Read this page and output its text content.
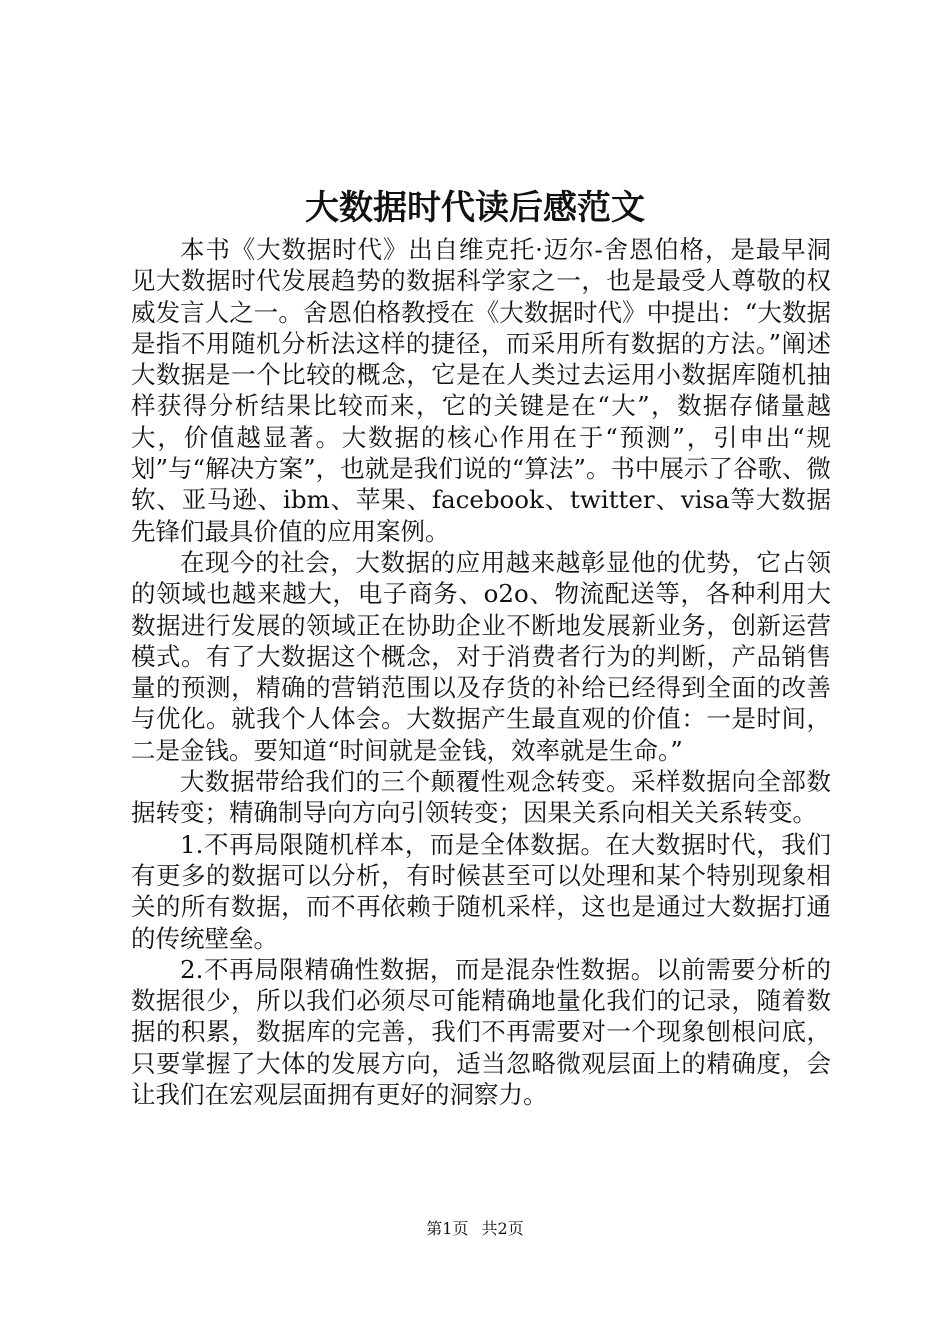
大数据时代读后感范文

本书《大数据时代》出自维克托·迈尔-舍恩伯格，是最早洞见大数据时代发展趋势的数据科学家之一，也是最受人尊敬的权威发言人之一。舍恩伯格教授在《大数据时代》中提出：“大数据是指不用随机分析法这样的捷径，而采用所有数据的方法。”阐述大数据是一个比较的概念，它是在人类过去运用小数据库随机抽样获得分析结果比较而来，它的关键是在“大”，数据存储量越大，价值越显著。大数据的核心作用在于“预测”，引申出“规划”与“解决方案”，也就是我们说的“算法”。书中展示了谷歌、微软、亚马逊、ibm、苹果、facebook、twitter、visa等大数据先锋们最具价值的应用案例。

在现今的社会，大数据的应用越来越彰显他的优势，它占领的领域也越来越大，电子商务、o2o、物流配送等，各种利用大数据进行发展的领域正在协助企业不断地发展新业务，创新运营模式。有了大数据这个概念，对于消费者行为的判断，产品销售量的预测，精确的营销范围以及存货的补给已经得到全面的改善与优化。就我个人体会。大数据产生最直观的价值：一是时间，二是金钱。要知道“时间就是金钱，效率就是生命。”

大数据带给我们的三个颠覆性观念转变。采样数据向全部数据转变；精确制导向方向引领转变；因果关系向相关关系转变。

1.不再局限随机样本，而是全体数据。在大数据时代，我们有更多的数据可以分析，有时候甚至可以处理和某个特别现象相关的所有数据，而不再依赖于随机采样，这也是通过大数据打通的传统壁垒。

2.不再局限精确性数据，而是混杂性数据。以前需要分析的数据很少，所以我们必须尽可能精确地量化我们的记录，随着数据的积累，数据库的完善，我们不再需要对一个现象刨根问底，只要掌握了大体的发展方向，适当忽略微观层面上的精确度，会让我们在宏观层面拥有更好的洞察力。

第1页 共2页
